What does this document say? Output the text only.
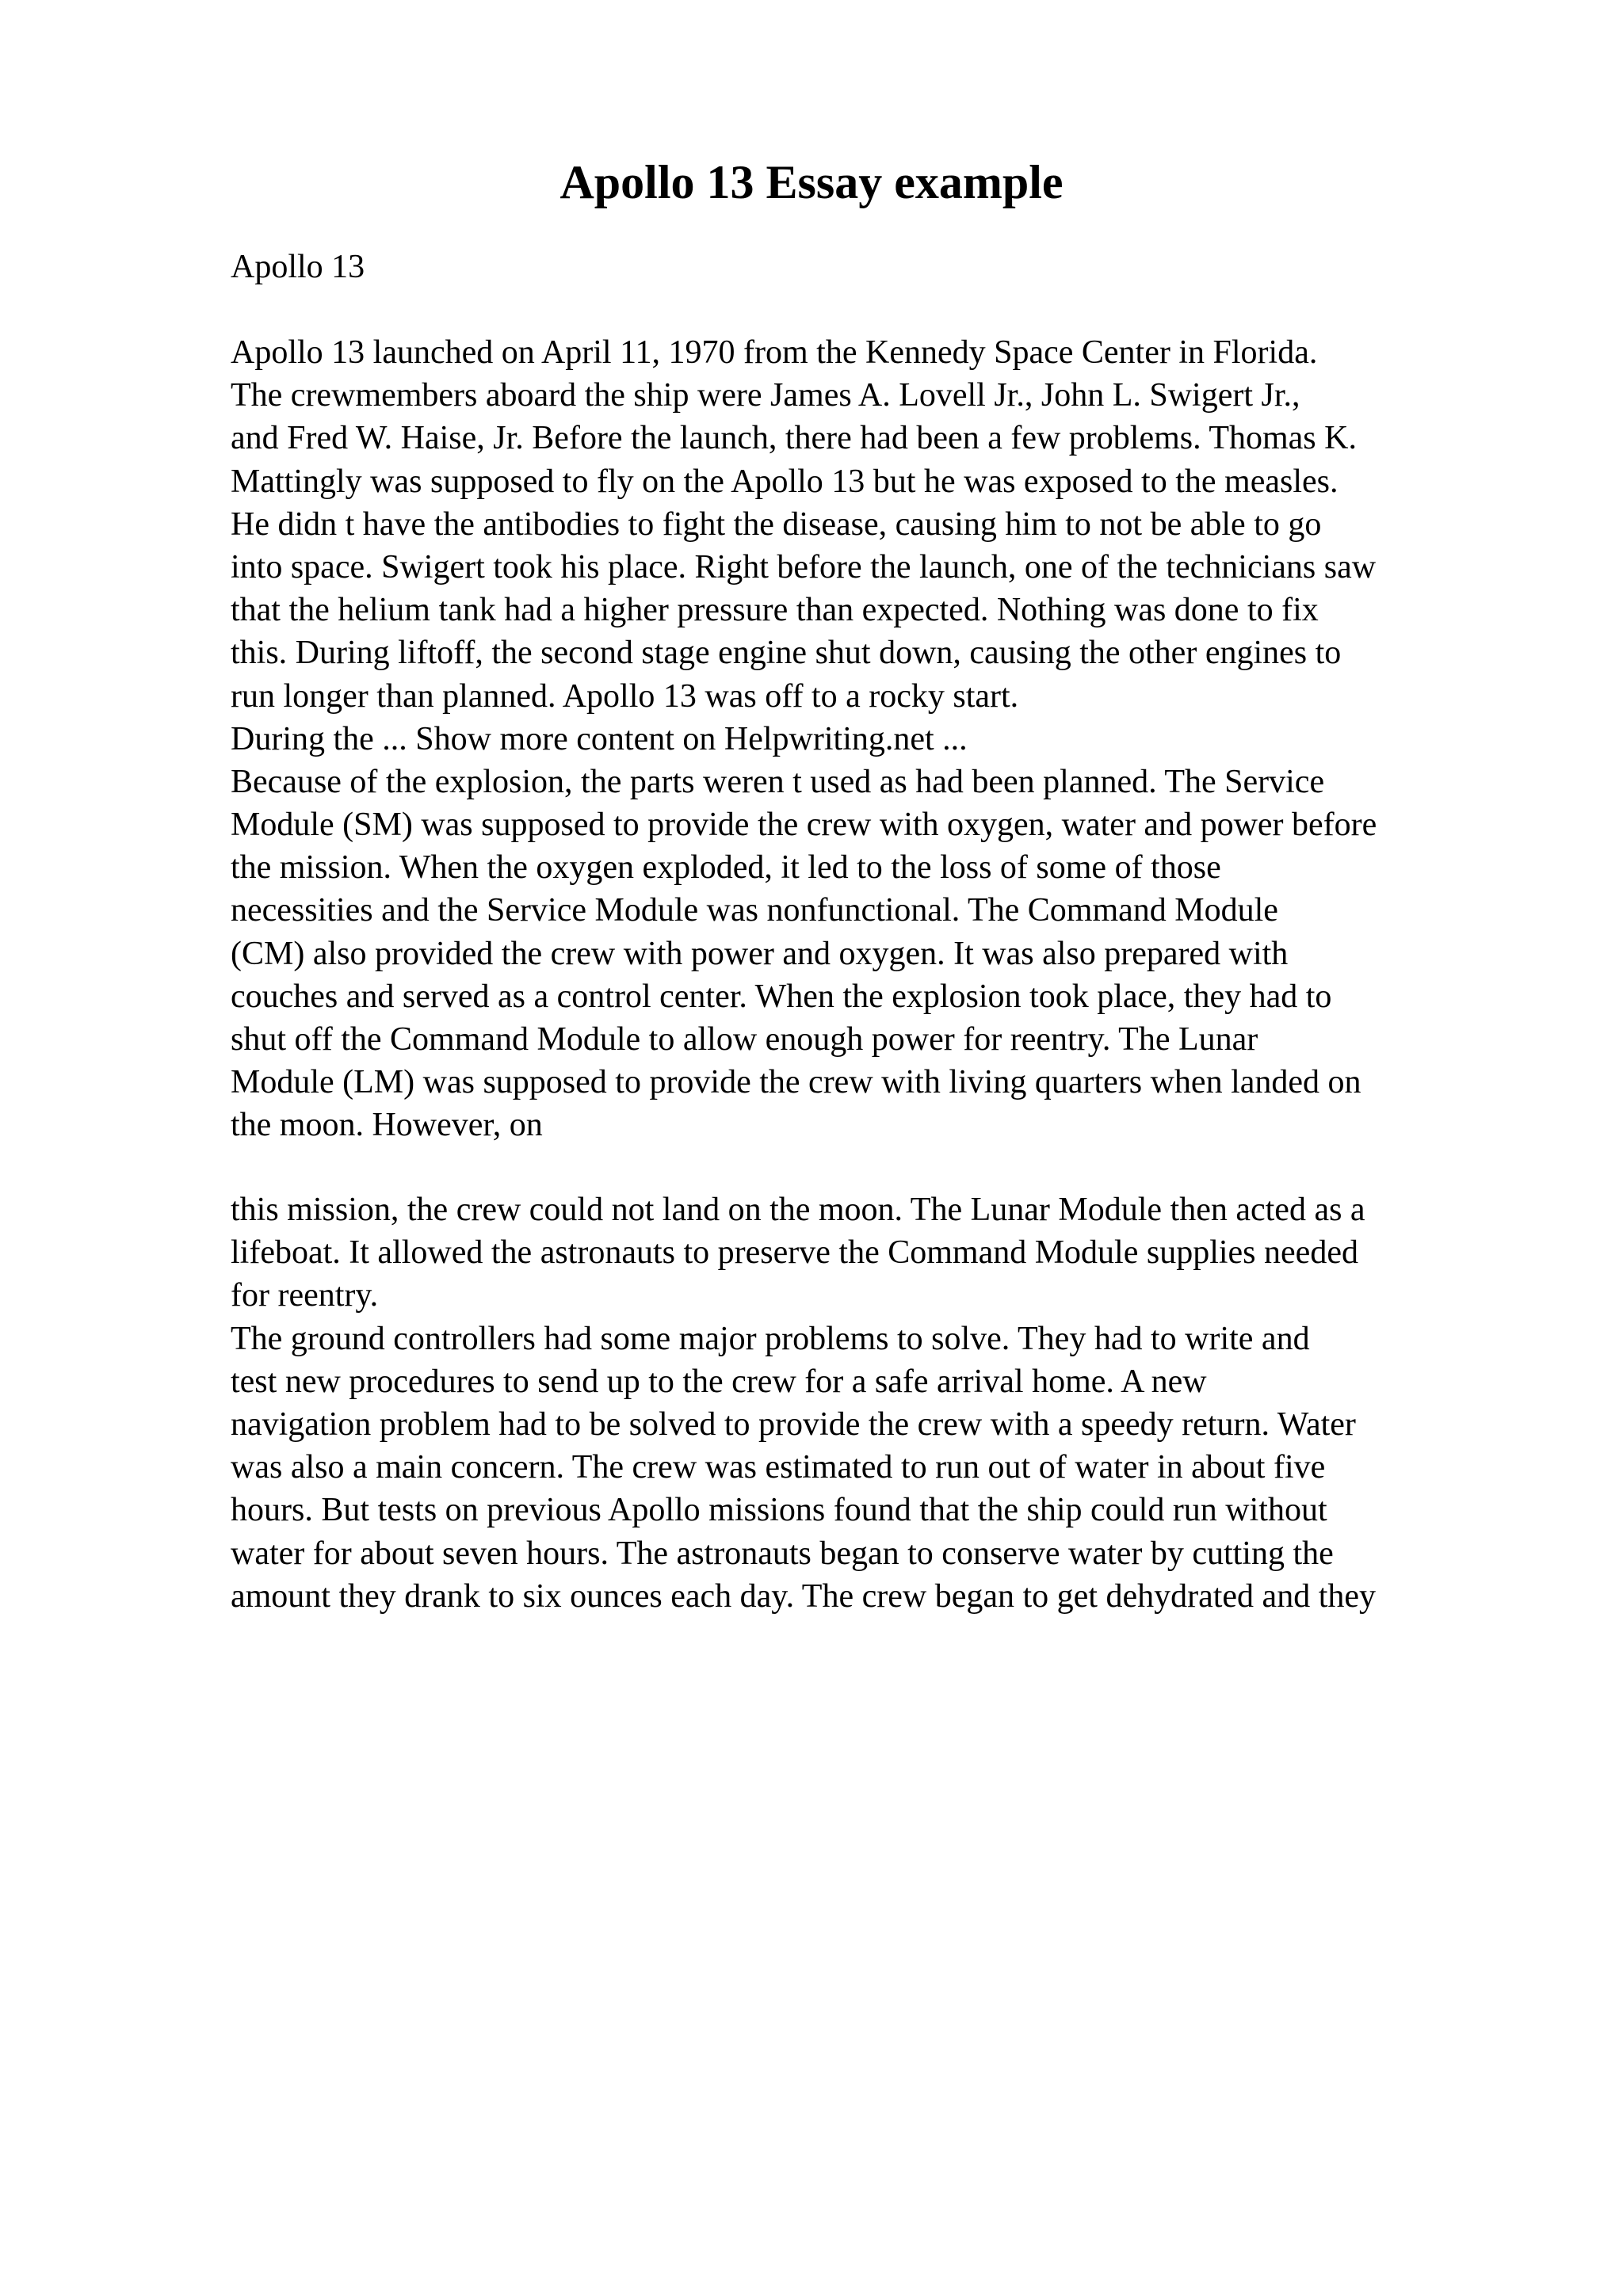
Apollo 13 Essay example

Apollo 13

Apollo 13 launched on April 11, 1970 from the Kennedy Space Center in Florida.
The crewmembers aboard the ship were James A. Lovell Jr., John L. Swigert Jr.,
and Fred W. Haise, Jr. Before the launch, there had been a few problems. Thomas K.
Mattingly was supposed to fly on the Apollo 13 but he was exposed to the measles.
He didn t have the antibodies to fight the disease, causing him to not be able to go
into space. Swigert took his place. Right before the launch, one of the technicians saw
that the helium tank had a higher pressure than expected. Nothing was done to fix
this. During liftoff, the second stage engine shut down, causing the other engines to
run longer than planned. Apollo 13 was off to a rocky start.
During the ... Show more content on Helpwriting.net ...
Because of the explosion, the parts weren t used as had been planned. The Service
Module (SM) was supposed to provide the crew with oxygen, water and power before
the mission. When the oxygen exploded, it led to the loss of some of those
necessities and the Service Module was nonfunctional. The Command Module
(CM) also provided the crew with power and oxygen. It was also prepared with
couches and served as a control center. When the explosion took place, they had to
shut off the Command Module to allow enough power for reentry. The Lunar
Module (LM) was supposed to provide the crew with living quarters when landed on
the moon. However, on
this mission, the crew could not land on the moon. The Lunar Module then acted as a
lifeboat. It allowed the astronauts to preserve the Command Module supplies needed
for reentry.
The ground controllers had some major problems to solve. They had to write and
test new procedures to send up to the crew for a safe arrival home. A new
navigation problem had to be solved to provide the crew with a speedy return. Water
was also a main concern. The crew was estimated to run out of water in about five
hours. But tests on previous Apollo missions found that the ship could run without
water for about seven hours. The astronauts began to conserve water by cutting the
amount they drank to six ounces each day. The crew began to get dehydrated and they
